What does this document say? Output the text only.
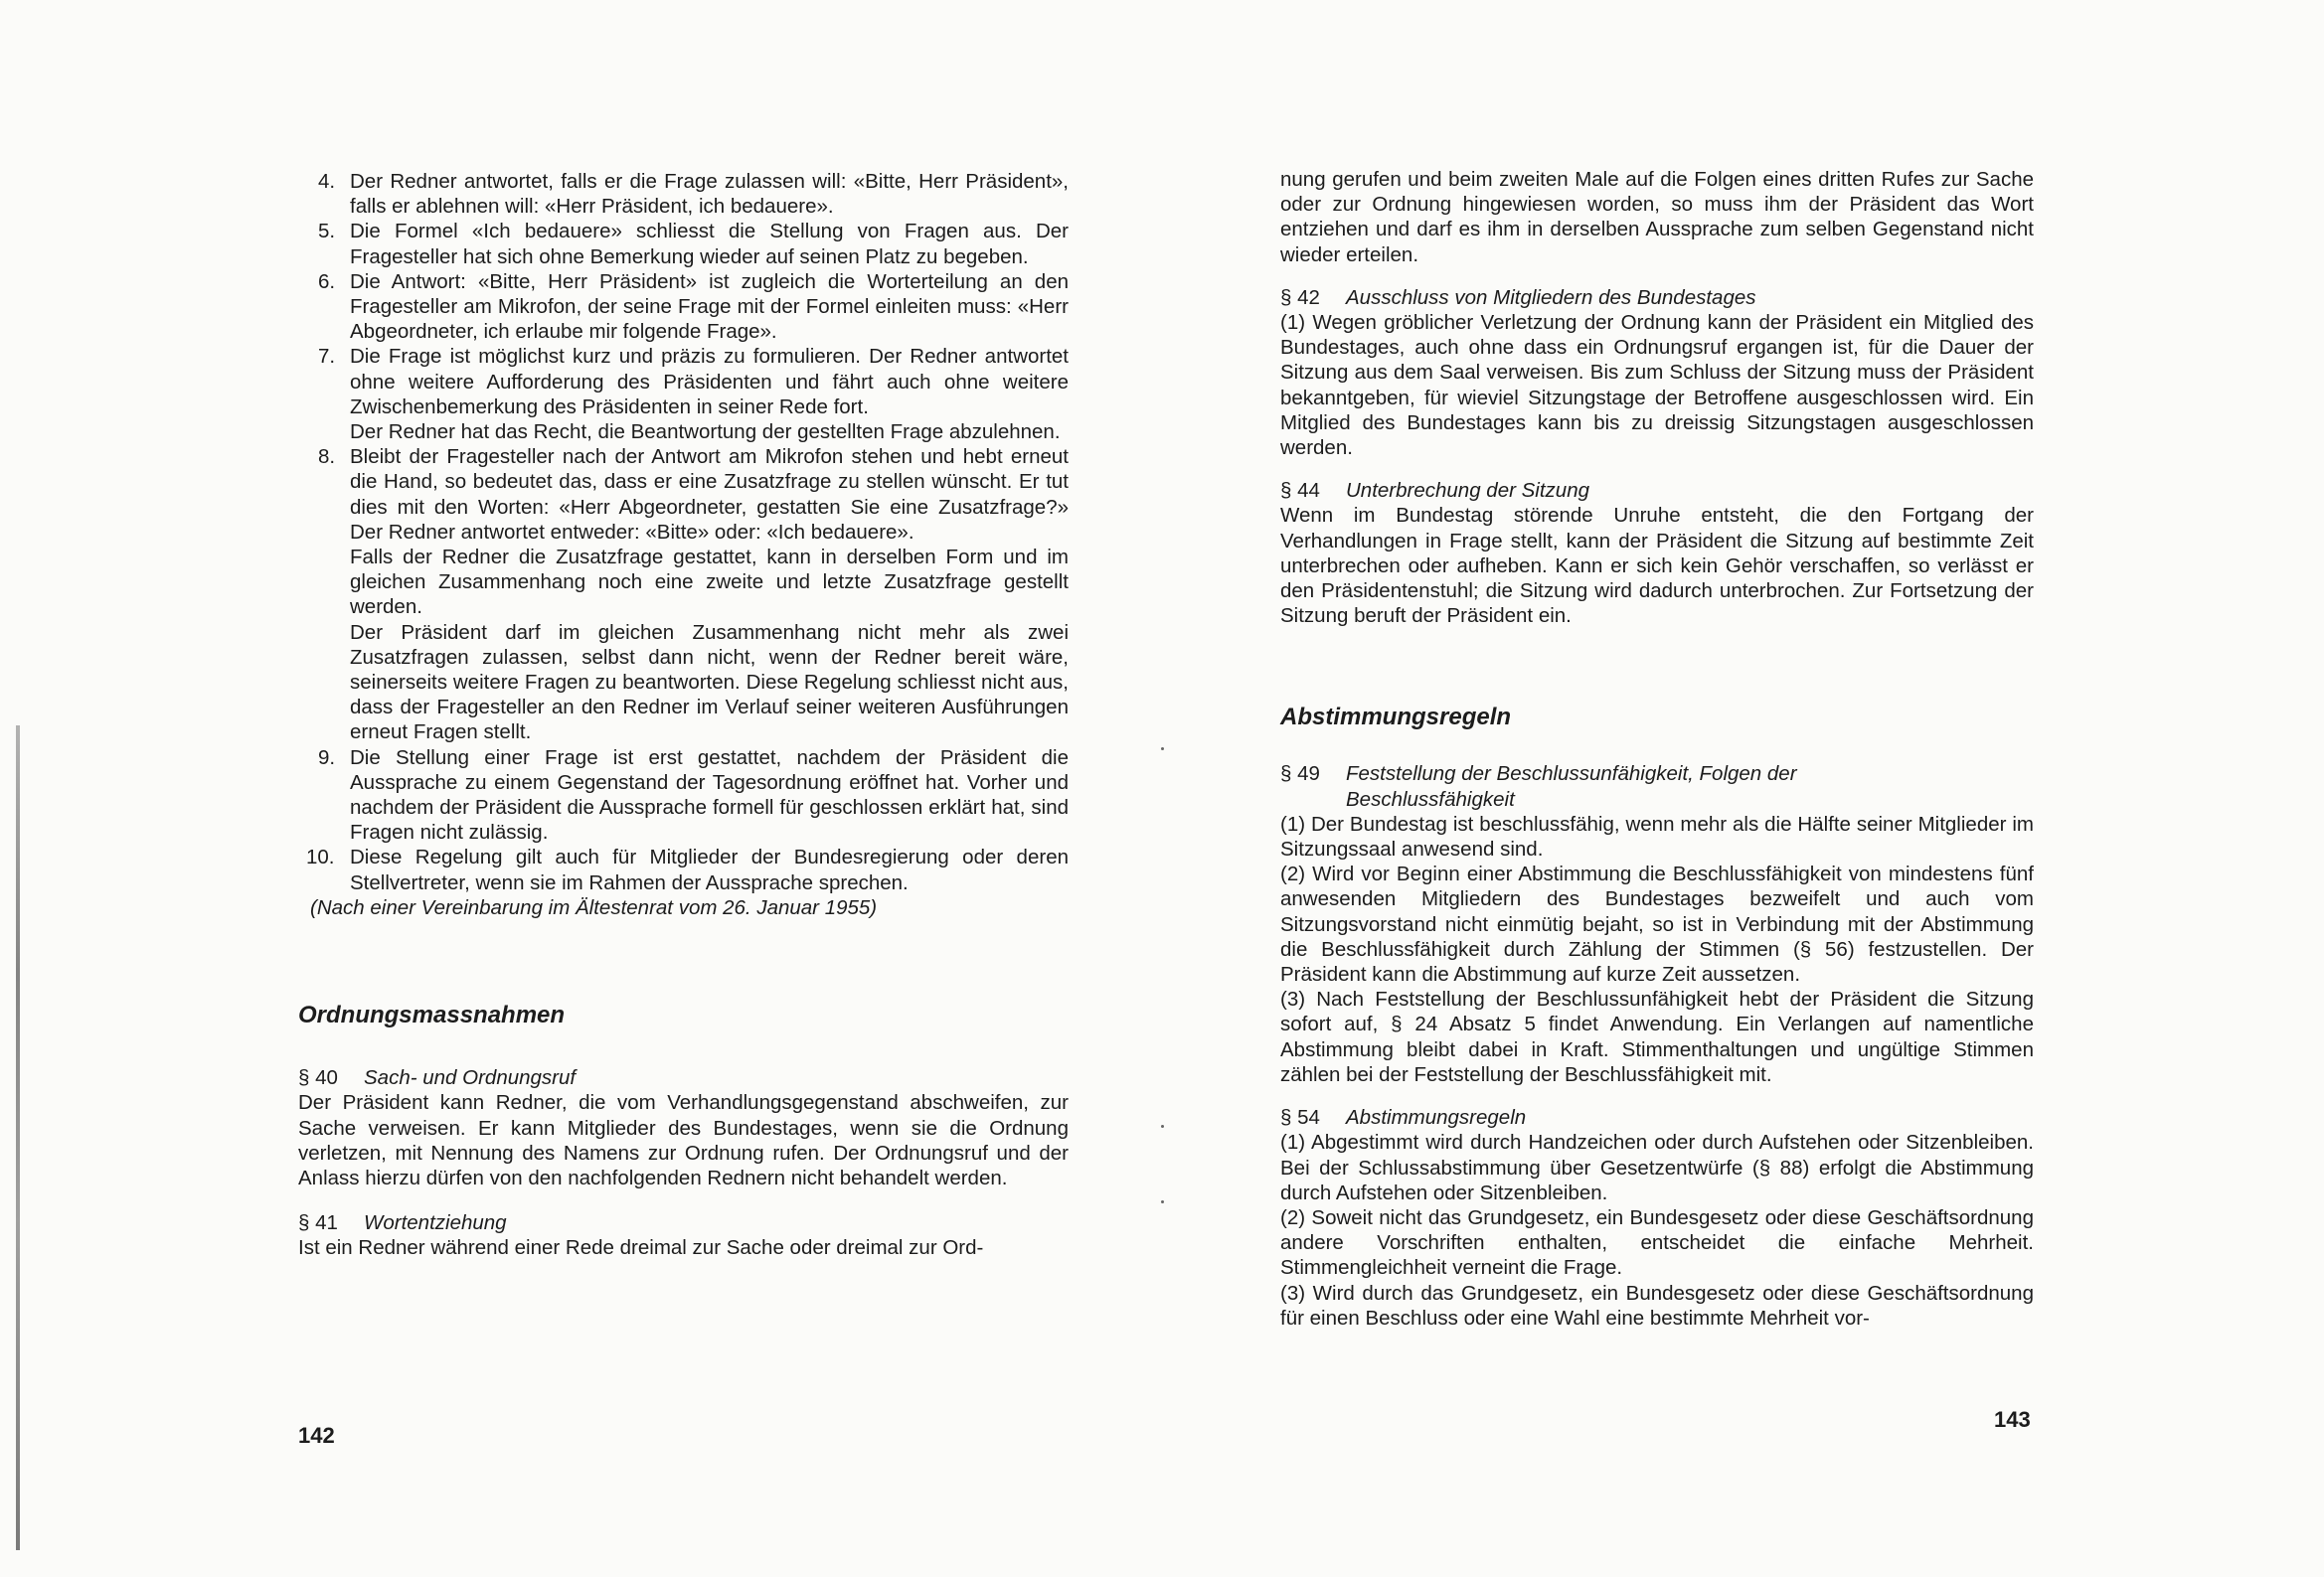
4. Der Redner antwortet, falls er die Frage zulassen will: «Bitte, Herr Präsident», falls er ablehnen will: «Herr Präsident, ich bedauere».
5. Die Formel «Ich bedauere» schliesst die Stellung von Fragen aus. Der Fragesteller hat sich ohne Bemerkung wieder auf seinen Platz zu begeben.
6. Die Antwort: «Bitte, Herr Präsident» ist zugleich die Worterteilung an den Fragesteller am Mikrofon, der seine Frage mit der Formel einleiten muss: «Herr Abgeordneter, ich erlaube mir folgende Frage».
7. Die Frage ist möglichst kurz und präzis zu formulieren. Der Redner antwortet ohne weitere Aufforderung des Präsidenten und fährt auch ohne weitere Zwischenbemerkung des Präsidenten in seiner Rede fort.

Der Redner hat das Recht, die Beantwortung der gestellten Frage abzulehnen.

8. Bleibt der Fragesteller nach der Antwort am Mikrofon stehen und hebt erneut die Hand, so bedeutet das, dass er eine Zusatzfrage zu stellen wünscht. Er tut dies mit den Worten: «Herr Abgeordneter, gestatten Sie eine Zusatzfrage?» Der Redner antwortet entweder: «Bitte» oder: «Ich bedauere».

Falls der Redner die Zusatzfrage gestattet, kann in derselben Form und im gleichen Zusammenhang noch eine zweite und letzte Zusatzfrage gestellt werden.

Der Präsident darf im gleichen Zusammenhang nicht mehr als zwei Zusatzfragen zulassen, selbst dann nicht, wenn der Redner bereit wäre, seinerseits weitere Fragen zu beantworten. Diese Regelung schliesst nicht aus, dass der Fragesteller an den Redner im Verlauf seiner weiteren Ausführungen erneut Fragen stellt.

9. Die Stellung einer Frage ist erst gestattet, nachdem der Präsident die Aussprache zu einem Gegenstand der Tagesordnung eröffnet hat. Vorher und nachdem der Präsident die Aussprache formell für geschlossen erklärt hat, sind Fragen nicht zulässig.
10. Diese Regelung gilt auch für Mitglieder der Bundesregierung oder deren Stellvertreter, wenn sie im Rahmen der Aussprache sprechen.
(Nach einer Vereinbarung im Ältestenrat vom 26. Januar 1955)
Ordnungsmassnahmen
§ 40	Sach- und Ordnungsruf

Der Präsident kann Redner, die vom Verhandlungsgegenstand abschweifen, zur Sache verweisen. Er kann Mitglieder des Bundestages, wenn sie die Ordnung verletzen, mit Nennung des Namens zur Ordnung rufen. Der Ordnungsruf und der Anlass hierzu dürfen von den nachfolgenden Rednern nicht behandelt werden.

§ 41	Wortentziehung

Ist ein Redner während einer Rede dreimal zur Sache oder dreimal zur Ord-

142

nung gerufen und beim zweiten Male auf die Folgen eines dritten Rufes zur Sache oder zur Ordnung hingewiesen worden, so muss ihm der Präsident das Wort entziehen und darf es ihm in derselben Aussprache zum selben Gegenstand nicht wieder erteilen.

§ 42	Ausschluss von Mitgliedern des Bundestages

(1) Wegen gröblicher Verletzung der Ordnung kann der Präsident ein Mitglied des Bundestages, auch ohne dass ein Ordnungsruf ergangen ist, für die Dauer der Sitzung aus dem Saal verweisen. Bis zum Schluss der Sitzung muss der Präsident bekanntgeben, für wieviel Sitzungstage der Betroffene ausgeschlossen wird. Ein Mitglied des Bundestages kann bis zu dreissig Sitzungstagen ausgeschlossen werden.

§ 44	Unterbrechung der Sitzung

Wenn im Bundestag störende Unruhe entsteht, die den Fortgang der Verhandlungen in Frage stellt, kann der Präsident die Sitzung auf bestimmte Zeit unterbrechen oder aufheben. Kann er sich kein Gehör verschaffen, so verlässt er den Präsidentenstuhl; die Sitzung wird dadurch unterbrochen. Zur Fortsetzung der Sitzung beruft der Präsident ein.

Abstimmungsregeln
§ 49	Feststellung der Beschlussunfähigkeit, Folgen der Beschlussfähigkeit

(1) Der Bundestag ist beschlussfähig, wenn mehr als die Hälfte seiner Mitglieder im Sitzungssaal anwesend sind.

(2) Wird vor Beginn einer Abstimmung die Beschlussfähigkeit von mindestens fünf anwesenden Mitgliedern des Bundestages bezweifelt und auch vom Sitzungsvorstand nicht einmütig bejaht, so ist in Verbindung mit der Abstimmung die Beschlussfähigkeit durch Zählung der Stimmen (§ 56) festzustellen. Der Präsident kann die Abstimmung auf kurze Zeit aussetzen.

(3) Nach Feststellung der Beschlussunfähigkeit hebt der Präsident die Sitzung sofort auf, § 24 Absatz 5 findet Anwendung. Ein Verlangen auf namentliche Abstimmung bleibt dabei in Kraft. Stimmenthaltungen und ungültige Stimmen zählen bei der Feststellung der Beschlussfähigkeit mit.

§ 54	Abstimmungsregeln

(1) Abgestimmt wird durch Handzeichen oder durch Aufstehen oder Sitzenbleiben. Bei der Schlussabstimmung über Gesetzentwürfe (§ 88) erfolgt die Abstimmung durch Aufstehen oder Sitzenbleiben.

(2) Soweit nicht das Grundgesetz, ein Bundesgesetz oder diese Geschäftsordnung andere Vorschriften enthalten, entscheidet die einfache Mehrheit. Stimmengleichheit verneint die Frage.

(3) Wird durch das Grundgesetz, ein Bundesgesetz oder diese Geschäftsordnung für einen Beschluss oder eine Wahl eine bestimmte Mehrheit vor-

143
